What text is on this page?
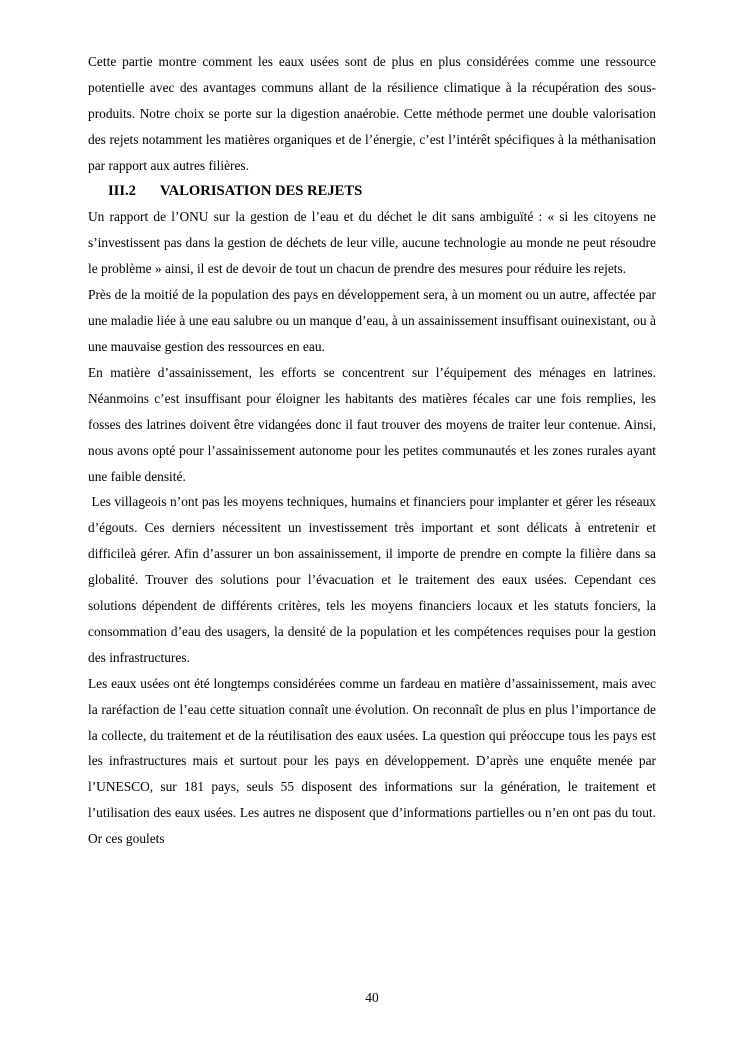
Cette partie montre comment les eaux usées sont de plus en plus considérées comme une ressource potentielle avec des avantages communs allant de la résilience climatique à la récupération des sous-produits. Notre choix se porte sur la digestion anaérobie. Cette méthode permet une double valorisation des rejets notamment les matières organiques et de l’énergie, c’est l’intérêt spécifiques à la méthanisation par rapport aux autres filières.

III.2 VALORISATION DES REJETS

Un rapport de l’ONU sur la gestion de l’eau et du déchet le dit sans ambiguïté : « si les citoyens ne s’investissent pas dans la gestion de déchets de leur ville, aucune technologie au monde ne peut résoudre le problème » ainsi, il est de devoir de tout un chacun de prendre des mesures pour réduire les rejets.

Près de la moitié de la population des pays en développement sera, à un moment ou un autre, affectée par une maladie liée à une eau salubre ou un manque d’eau, à un assainissement insuffisant ouinexistant, ou à une mauvaise gestion des ressources en eau.

En matière d’assainissement, les efforts se concentrent sur l’équipement des ménages en latrines. Néanmoins c’est insuffisant pour éloigner les habitants des matières fécales car une fois remplies, les fosses des latrines doivent être vidangées donc il faut trouver des moyens de traiter leur contenue. Ainsi, nous avons opté pour l’assainissement autonome pour les petites communautés et les zones rurales ayant une faible densité.

Les villageois n’ont pas les moyens techniques, humains et financiers pour implanter et gérer les réseaux d’égouts. Ces derniers nécessitent un investissement très important et sont délicats à entretenir et difficileà gérer. Afin d’assurer un bon assainissement, il importe de prendre en compte la filière dans sa globalité. Trouver des solutions pour l’évacuation et le traitement des eaux usées. Cependant ces solutions dépendent de différents critères, tels les moyens financiers locaux et les statuts fonciers, la consommation d’eau des usagers, la densité de la population et les compétences requises pour la gestion des infrastructures.

Les eaux usées ont été longtemps considérées comme un fardeau en matière d’assainissement, mais avec la raréfaction de l’eau cette situation connaît une évolution. On reconnaît de plus en plus l’importance de la collecte, du traitement et de la réutilisation des eaux usées. La question qui préoccupe tous les pays est les infrastructures mais et surtout pour les pays en développement. D’après une enquête menée par l’UNESCO, sur 181 pays, seuls 55 disposent des informations sur la génération, le traitement et l’utilisation des eaux usées. Les autres ne disposent que d’informations partielles ou n’en ont pas du tout. Or ces goulets

40
